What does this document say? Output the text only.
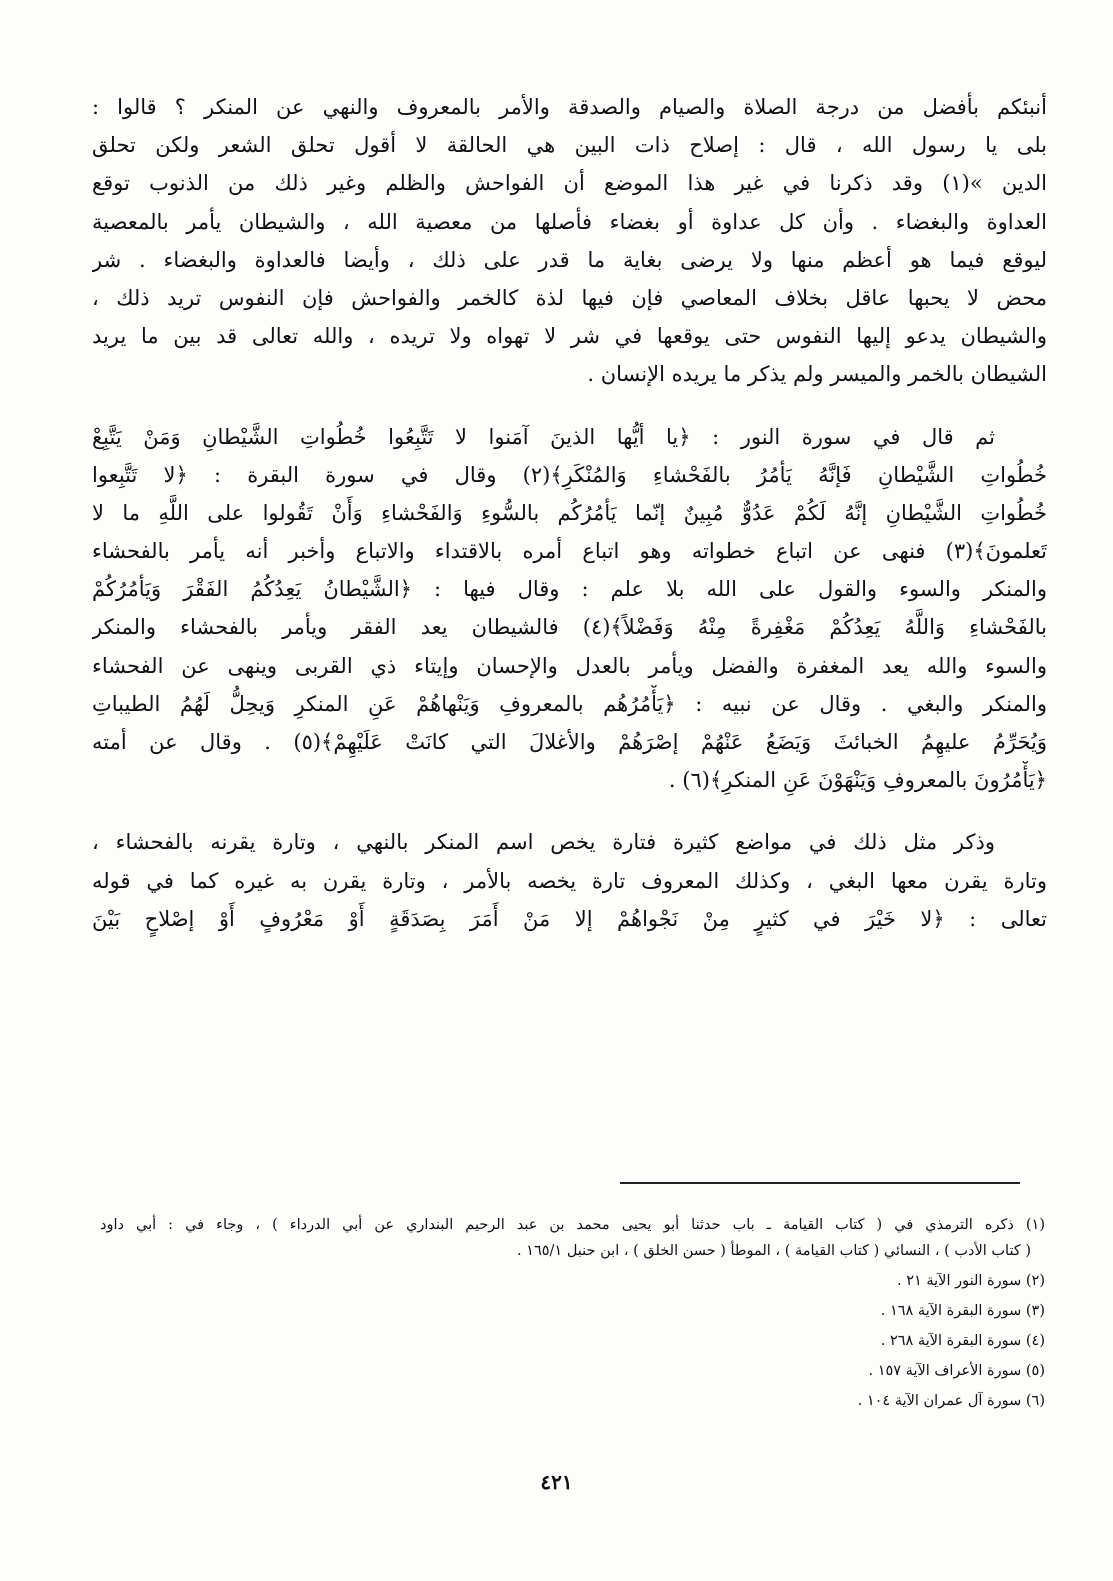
أنبئكم بأفضل من درجة الصلاة والصيام والصدقة والأمر بالمعروف والنهي عن المنكر ؟ قالوا :
بلى يا رسول الله ، قال : إصلاح ذات البين هي الحالقة لا أقول تحلق الشعر ولكن تحلق
الدين »(١) وقد ذكرنا في غير هذا الموضع أن الفواحش والظلم وغير ذلك من الذنوب توقع
العداوة والبغضاء . وأن كل عداوة أو بغضاء فأصلها من معصية الله ، والشيطان يأمر بالمعصية
ليوقع فيما هو أعظم منها ولا يرضى بغاية ما قدر على ذلك ، وأيضا فالعداوة والبغضاء . شر
محض لا يحبها عاقل بخلاف المعاصي فإن فيها لذة كالخمر والفواحش فإن النفوس تريد ذلك ،
والشيطان يدعو إليها النفوس حتى يوقعها في شر لا تهواه ولا تريده ، والله تعالى قد بين ما يريد
الشيطان بالخمر والميسر ولم يذكر ما يريده الإنسان .
ثم قال في سورة النور : ﴿يا أيُّها الذينَ آمَنوا لا تَتَّبِعُوا خُطُواتِ الشَّيْطانِ وَمَنْ يَتَّبِعْ
خُطُواتِ الشَّيْطانِ فَإنَّهُ يَأمُرُ بالفَحْشاءِ وَالمُنْكَرِ﴾(٢) وقال في سورة البقرة : ﴿لا تَتَّبِعوا
خُطُواتِ الشَّيْطانِ إنَّهُ لَكُمْ عَدُوٌّ مُبِينٌ إنّما يَأمُرُكُم بالسُّوءِ وَالفَحْشاءِ وَأَنْ تَقُولوا على اللَّهِ ما لا
تَعلمونَ﴾(٣) فنهى عن اتباع خطواته وهو اتباع أمره بالاقتداء والاتباع وأخبر أنه يأمر بالفحشاء
والمنكر والسوء والقول على الله بلا علم : وقال فيها : ﴿الشَّيْطانُ يَعِدُكُمُ الفَقْرَ وَيَأمُرُكُمْ
بالفَحْشاءِ وَاللَّهُ يَعِدُكُمْ مَغْفِرةً مِنْهُ وَفَضْلاً﴾(٤) فالشيطان يعد الفقر ويأمر بالفحشاء والمنكر
والسوء والله يعد المغفرة والفضل ويأمر بالعدل والإحسان وإيتاء ذي القربى وينهى عن الفحشاء
والمنكر والبغي . وقال عن نبيه : ﴿يَأْمُرُهُم بالمعروفِ وَيَنْهاهُمْ عَنِ المنكرِ وَيحِلُّ لَهُمُ الطيباتِ
وَيُحَرِّمُ عليهِمُ الخبائثَ وَيَضَعُ عَنْهُمْ إصْرَهُمْ والأغلالَ التي كانَتْ عَلَيْهِمْ﴾(٥) . وقال عن أمته
﴿يَأْمُرُونَ بالمعروفِ وَيَنْهَوْنَ عَنِ المنكرِ﴾(٦) .
وذكر مثل ذلك في مواضع كثيرة فتارة يخص اسم المنكر بالنهي ، وتارة يقرنه بالفحشاء ،
وتارة يقرن معها البغي ، وكذلك المعروف تارة يخصه بالأمر ، وتارة يقرن به غيره كما في قوله
تعالى : ﴿لا خَيْرَ في كثيرٍ مِنْ نَجْواهُمْ إلا مَنْ أَمَرَ بِصَدَقَةٍ أَوْ مَعْرُوفٍ أَوْ إصْلاحٍ بَيْنَ
(١) ذكره الترمذي في ( كتاب القيامة ـ باب حدثنا أبو يحيى محمد بن عبد الرحيم البنداري عن أبي الدرداء ) ، وجاء في : أبي داود
( كتاب الأدب ) ، النسائي ( كتاب القيامة ) ، الموطأ ( حسن الخلق ) ، ابن حنبل ١٦٥/١ .
(٢) سورة النور الآية ٢١ .
(٣) سورة البقرة الآية ١٦٨ .
(٤) سورة البقرة الآية ٢٦٨ .
(٥) سورة الأعراف الآية ١٥٧ .
(٦) سورة آل عمران الآية ١٠٤ .
٤٢١
